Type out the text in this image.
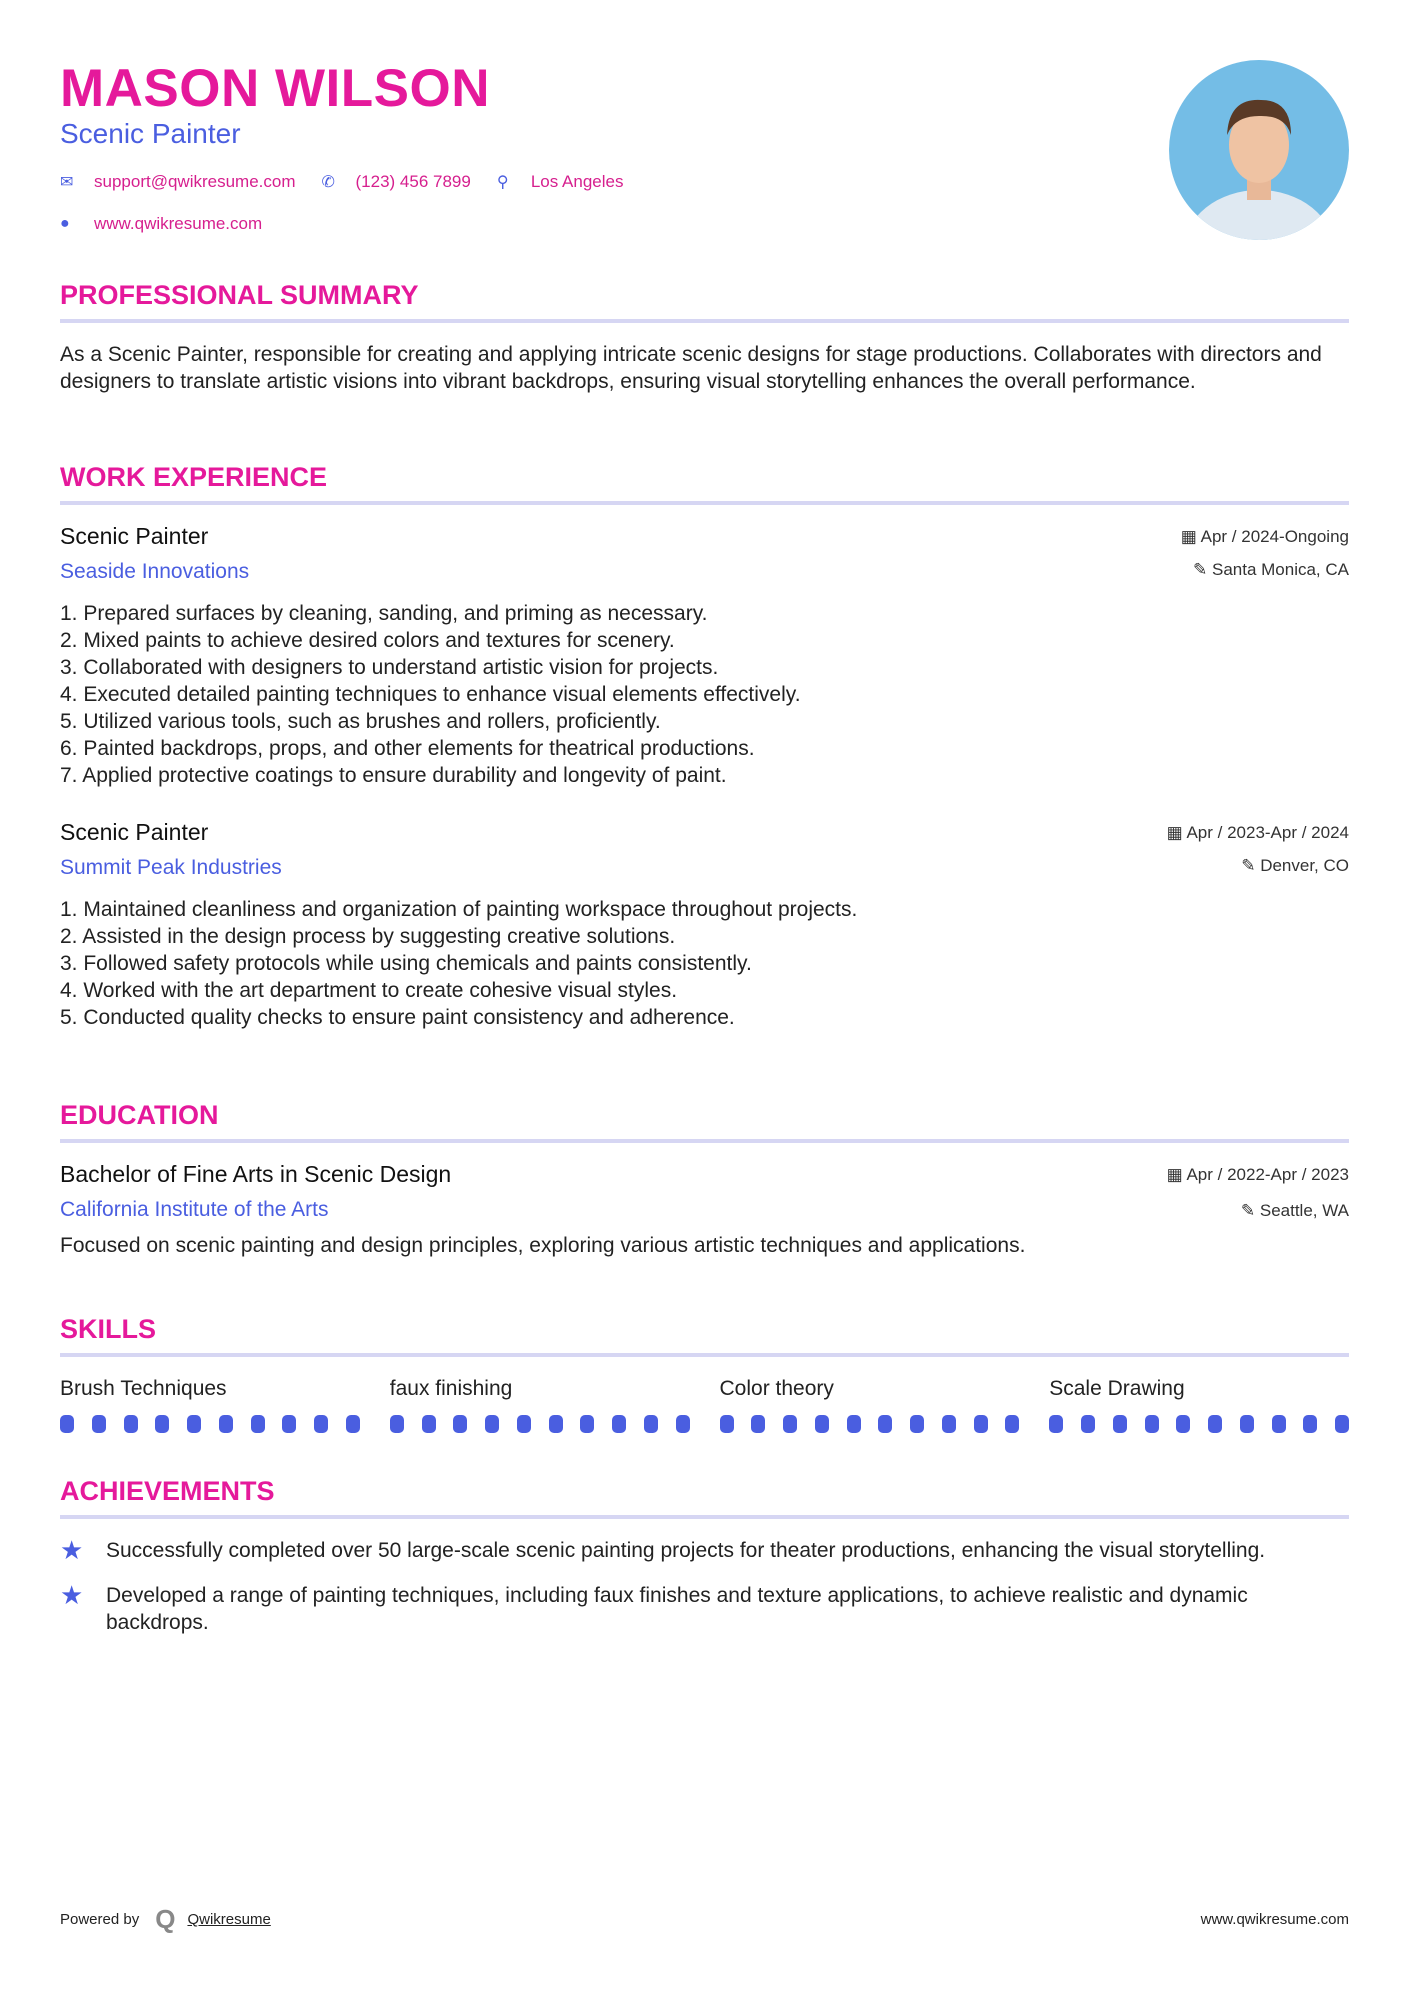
MASON WILSON
Scenic Painter
✉	support@qwikresume.com ✆	(123) 456 7899 ⚲	Los Angeles
●	www.qwikresume.com
PROFESSIONAL SUMMARY
As a Scenic Painter, responsible for creating and applying intricate scenic designs for stage productions. Collaborates with directors and designers to translate artistic visions into vibrant backdrops, ensuring visual storytelling enhances the overall performance.
WORK EXPERIENCE
▦ Apr / 2024-Ongoing
✎ Santa Monica, CA
Scenic Painter
Seaside Innovations
1. Prepared surfaces by cleaning, sanding, and priming as necessary.
2. Mixed paints to achieve desired colors and textures for scenery.
3. Collaborated with designers to understand artistic vision for projects.
4. Executed detailed painting techniques to enhance visual elements effectively.
5. Utilized various tools, such as brushes and rollers, proficiently.
6. Painted backdrops, props, and other elements for theatrical productions.
7. Applied protective coatings to ensure durability and longevity of paint.
▦ Apr / 2023-Apr / 2024
✎ Denver, CO
Scenic Painter
Summit Peak Industries
1. Maintained cleanliness and organization of painting workspace throughout projects.
2. Assisted in the design process by suggesting creative solutions.
3. Followed safety protocols while using chemicals and paints consistently.
4. Worked with the art department to create cohesive visual styles.
5. Conducted quality checks to ensure paint consistency and adherence.
EDUCATION
▦ Apr / 2022-Apr / 2023
✎ Seattle, WA
Bachelor of Fine Arts in Scenic Design
California Institute of the Arts
Focused on scenic painting and design principles, exploring various artistic techniques and applications.
SKILLS
Brush Techniques	faux finishing	Color theory	Scale Drawing
ACHIEVEMENTS
★	Successfully completed over 50 large-scale scenic painting projects for theater productions, enhancing the visual storytelling.
★	Developed a range of painting techniques, including faux finishes and texture applications, to achieve realistic and dynamic backdrops.
Powered by Q Qwikresume	www.qwikresume.com
